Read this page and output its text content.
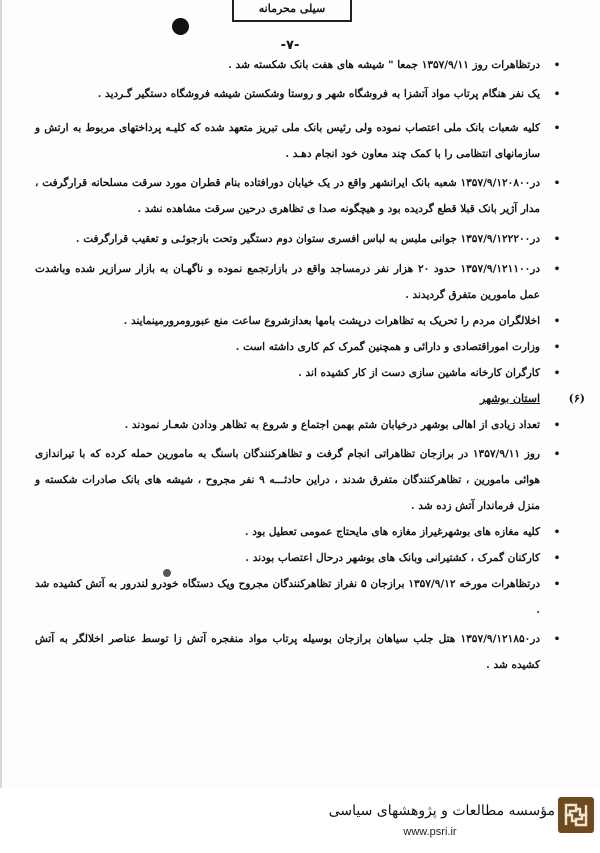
سیلی محرمانه
-۷-
•
درتظاهرات روز ۱۳۵۷/۹/۱۱ جمعا " شیشه های هفت بانک شکسته شد .
•
یک نفر هنگام پرتاب مواد آتشزا به فروشگاه شهر و روستا وشکستن شیشه فروشگاه دستگیر گـردید .
•
کلیه شعبات بانک ملی اعتصاب نموده ولی رئیس بانک ملی تبریز متعهد شده که کلیـه پرداختهای مربوط به ارتش و سازمانهای انتظامی را با کمک چند معاون خود انجام دهـد .
•
در۱۳۵۷/۹/۱۲۰۸۰۰ شعبه بانک ایرانشهر واقع در یک خیابان دورافتاده بنام قطران مورد سرقت مسلحانه قرارگرفت ، مدار آژیر بانک قبلا قطع گردیده بود و هیچگونه صدا ی تظاهری درحین سرقت مشاهده نشد .
•
در۱۳۵۷/۹/۱۲۲۲۰۰ جوانی ملبس به لباس افسری ستوان دوم دستگیر وتحت بازجوئـی و تعقیب قرارگرفت .
•
در۱۳۵۷/۹/۱۲۱۱۰۰ حدود ۲۰ هزار نفر درمساجد واقع در بازارتجمع نموده و ناگهـان به بازار سرازیر شده وباشدت عمل مامورین متفرق گردیدند .
•
اخلالگران مردم را تحریک به تظاهرات درپشت بامها بعدازشروع ساعت منع عبورومرورمینمایند .
•
وزارت اموراقتصادی و دارائی و همچنین گمرک کم کاری داشته است .
•
کارگران کارخانه ماشین سازی دست از کار کشیده اند .
(۶)
استان بوشهر
•
تعداد زیادی از اهالی بوشهر درخیابان شتم بهمن اجتماع و شروع به تظاهر ودادن شعـار نمودند .
•
روز ۱۳۵۷/۹/۱۱ در برازجان تظاهراتی انجام گرفت و تظاهرکنندگان باسنگ به مامورین حمله کرده که با تیراندازی هوائی مامورین ، تظاهرکنندگان متفرق شدند ، دراین حادثـــه ۹ نفر مجروح ، شیشه های بانک صادرات شکسته و منزل فرماندار آتش زده شد .
•
کلیه مغازه های بوشهرغیراز مغازه های مایحتاج عمومی تعطیل بود .
•
کارکنان گمرک ، کشتیرانی وبانک های بوشهر درحال اعتصاب بودند .
•
درتظاهرات مورخه ۱۳۵۷/۹/۱۲ برازجان ۵ نفراز تظاهرکنندگان مجروح ویک دستگاه خودرو لندرور به آتش کشیده شد .
•
در۱۳۵۷/۹/۱۲۱۸۵۰ هتل جلب سیاهان برازجان بوسیله پرتاب مواد منفجره آتش زا توسط عناصر اخلالگر به آتش کشیده شد .
مؤسسه مطالعات و پژوهشهای سیاسی
www.psri.ir
